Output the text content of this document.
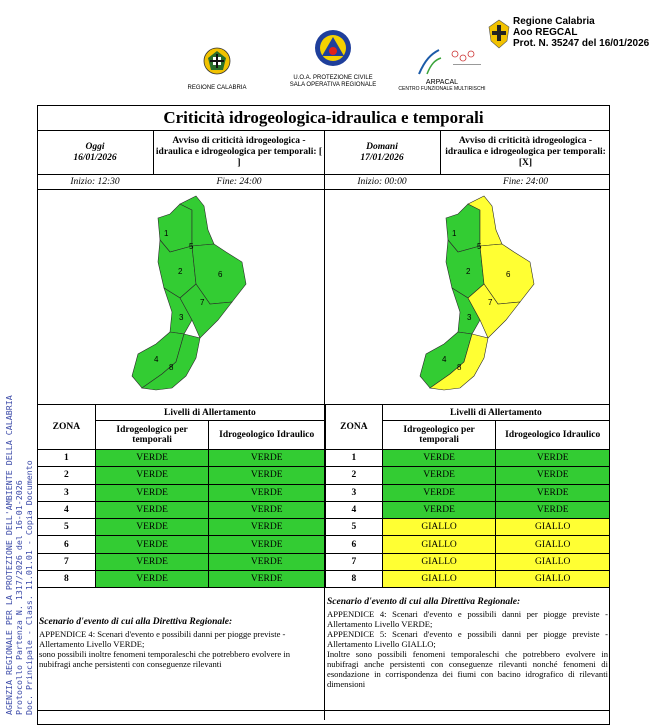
REGIONE CALABRIA
U.O.A. PROTEZIONE CIVILE
SALA OPERATIVA REGIONALE	ARPACAL
CENTRO FUNZIONALE MULTIRISCHI
Regione Calabria
Aoo REGCAL
Prot. N. 35247 del 16/01/2026
AGENZIA REGIONALE PER LA PROTEZIONE DELL'AMBIENTE DELLA CALABRIA Protocollo Partenza N. 1317/2026 del 16-01-2026 Doc. Principale - Class. 11.01.01 - Copia Documento
Criticità idrogeologica-idraulica e temporali
Oggi
16/01/2026
Avviso di criticità idrogeologica - idraulica e idrogeologica per temporali: [ ]
Inizio: 12:30	Fine: 24:00
Domani
17/01/2026
Avviso di criticità idrogeologica - idraulica e idrogeologica per temporali: [X]
Inizio: 00:00	Fine: 24:00
1
2
3
4
5
6
7
8
1
2
3
4
5
6
7
8
ZONA	Livelli di Allertamento	
	Idrogeologico per temporali	Idrogeologico Idraulico
1	VERDE	VERDE
2	VERDE	VERDE
3	VERDE	VERDE
4	VERDE	VERDE
5	VERDE	VERDE
6	VERDE	VERDE
7	VERDE	VERDE
8	VERDE	VERDE
ZONA	Livelli di Allertamento	
	Idrogeologico per temporali	Idrogeologico Idraulico
1	VERDE	VERDE
2	VERDE	VERDE
3	VERDE	VERDE
4	VERDE	VERDE
5	GIALLO	GIALLO
6	GIALLO	GIALLO
7	GIALLO	GIALLO
8	GIALLO	GIALLO
Scenario d'evento di cui alla Direttiva Regionale:

APPENDICE 4: Scenari d'evento e possibili danni per piogge previste - Allertamento Livello VERDE;

sono possibili inoltre fenomeni temporaleschi che potrebbero evolvere in nubifragi anche persistenti con conseguenze rilevanti

Scenario d'evento di cui alla Direttiva Regionale:

APPENDICE 4: Scenari d'evento e possibili danni per piogge previste - Allertamento Livello VERDE;

APPENDICE 5: Scenari d'evento e possibili danni per piogge previste - Allertamento Livello GIALLO;

Inoltre sono possibili fenomeni temporaleschi che potrebbero evolvere in nubifragi anche persistenti con conseguenze rilevanti nonché fenomeni di esondazione in corrispondenza dei fiumi con bacino idrografico di rilevanti dimensioni
